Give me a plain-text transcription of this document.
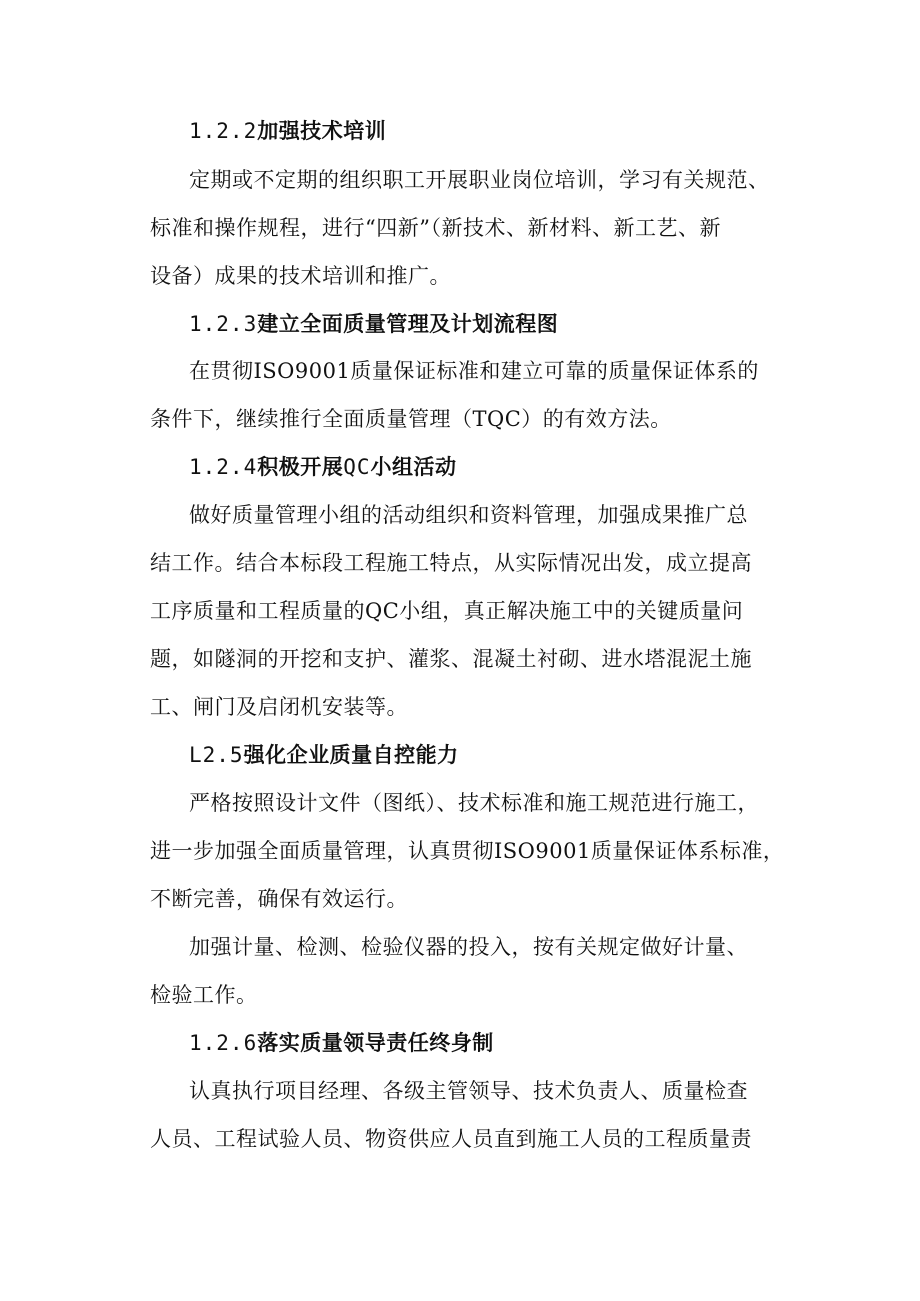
1.2.2加强技术培训
定期或不定期的组织职工开展职业岗位培训，学习有关规范、
标准和操作规程，进行“四新”（新技术、新材料、新工艺、新
设备）成果的技术培训和推广。
1.2.3建立全面质量管理及计划流程图
在贯彻ISO9001质量保证标准和建立可靠的质量保证体系的
条件下，继续推行全面质量管理（TQC）的有效方法。
1.2.4积极开展QC小组活动
做好质量管理小组的活动组织和资料管理，加强成果推广总
结工作。结合本标段工程施工特点，从实际情况出发，成立提高
工序质量和工程质量的QC小组，真正解决施工中的关键质量问
题，如隧洞的开挖和支护、灌浆、混凝土衬砌、进水塔混泥土施
工、闸门及启闭机安装等。
L2.5强化企业质量自控能力
严格按照设计文件（图纸）、技术标准和施工规范进行施工，
进一步加强全面质量管理，认真贯彻ISO9001质量保证体系标准，
不断完善，确保有效运行。
加强计量、检测、检验仪器的投入，按有关规定做好计量、
检验工作。
1.2.6落实质量领导责任终身制
认真执行项目经理、各级主管领导、技术负责人、质量检查
人员、工程试验人员、物资供应人员直到施工人员的工程质量责
